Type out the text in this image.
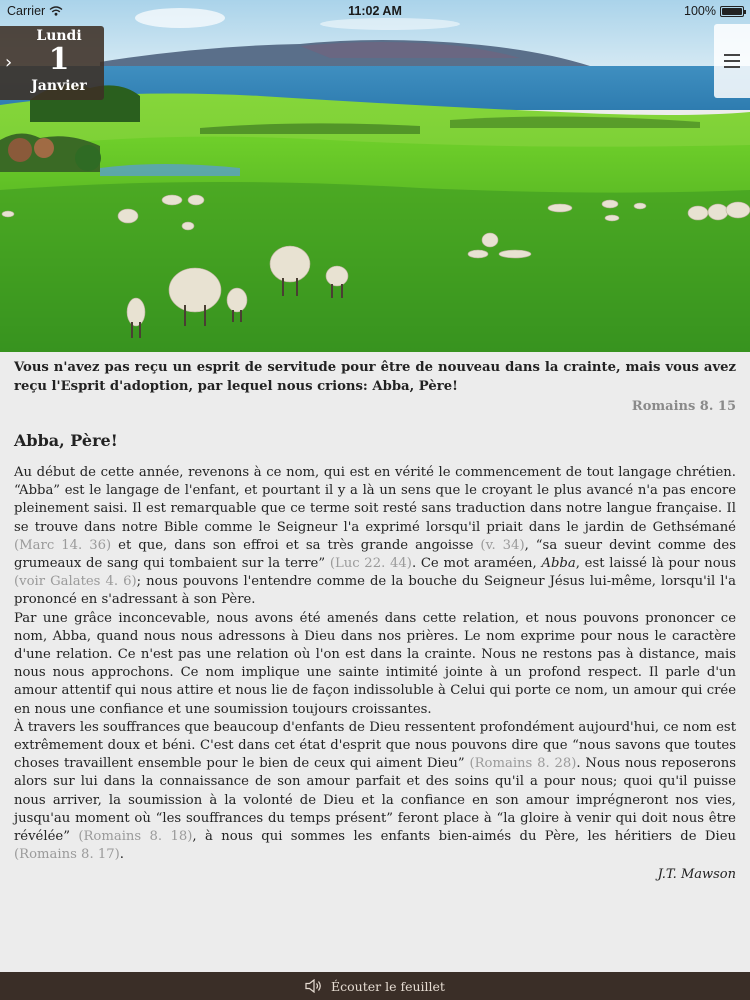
Carrier	11:02 AM	100%
›
Lundi
1
Janvier

Vous n'avez pas reçu un esprit de servitude pour être de nouveau dans la crainte, mais vous avez reçu l'Esprit d'adoption, par lequel nous crions: Abba, Père!

Romains 8. 15

Abba, Père!

Au début de cette année, revenons à ce nom, qui est en vérité le commencement de tout langage chrétien. “Abba” est le langage de l'enfant, et pourtant il y a là un sens que le croyant le plus avancé n'a pas encore pleinement saisi. Il est remarquable que ce terme soit resté sans traduction dans notre langue française. Il se trouve dans notre Bible comme le Seigneur l'a exprimé lorsqu'il priait dans le jardin de Gethsémané (Marc 14. 36) et que, dans son effroi et sa très grande angoisse (v. 34), “sa sueur devint comme des grumeaux de sang qui tombaient sur la terre” (Luc 22. 44). Ce mot araméen, Abba, est laissé là pour nous (voir Galates 4. 6); nous pouvons l'entendre comme de la bouche du Seigneur Jésus lui-même, lorsqu'il l'a prononcé en s'adressant à son Père.

Par une grâce inconcevable, nous avons été amenés dans cette relation, et nous pouvons prononcer ce nom, Abba, quand nous nous adressons à Dieu dans nos prières. Le nom exprime pour nous le caractère d'une relation. Ce n'est pas une relation où l'on est dans la crainte. Nous ne restons pas à distance, mais nous nous approchons. Ce nom implique une sainte intimité jointe à un profond respect. Il parle d'un amour attentif qui nous attire et nous lie de façon indissoluble à Celui qui porte ce nom, un amour qui crée en nous une confiance et une soumission toujours croissantes.

À travers les souffrances que beaucoup d'enfants de Dieu ressentent profondément aujourd'hui, ce nom est extrêmement doux et béni. C'est dans cet état d'esprit que nous pouvons dire que “nous savons que toutes choses travaillent ensemble pour le bien de ceux qui aiment Dieu” (Romains 8. 28). Nous nous reposerons alors sur lui dans la connaissance de son amour parfait et des soins qu'il a pour nous; quoi qu'il puisse nous arriver, la soumission à la volonté de Dieu et la confiance en son amour imprégneront nos vies, jusqu'au moment où “les souffrances du temps présent” feront place à “la gloire à venir qui doit nous être révélée” (Romains 8. 18), à nous qui sommes les enfants bien-aimés du Père, les héritiers de Dieu (Romains 8. 17).

J.T. Mawson

Écouter le feuillet
